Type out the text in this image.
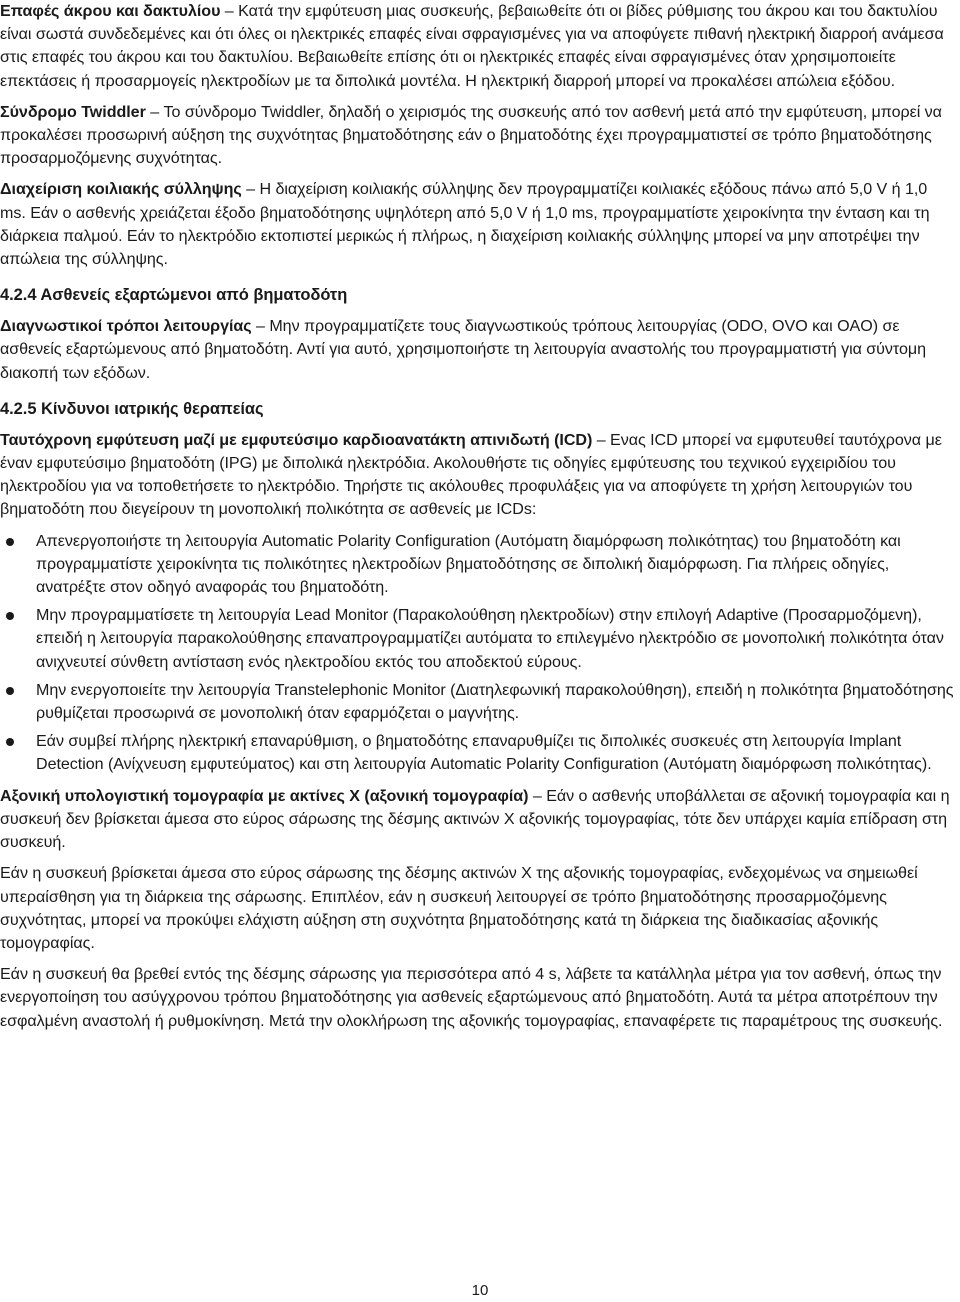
Επαφές άκρου και δακτυλίου – Κατά την εμφύτευση μιας συσκευής, βεβαιωθείτε ότι οι βίδες ρύθμισης του άκρου και του δακτυλίου είναι σωστά συνδεδεμένες και ότι όλες οι ηλεκτρικές επαφές είναι σφραγισμένες για να αποφύγετε πιθανή ηλεκτρική διαρροή ανάμεσα στις επαφές του άκρου και του δακτυλίου. Βεβαιωθείτε επίσης ότι οι ηλεκτρικές επαφές είναι σφραγισμένες όταν χρησιμοποιείτε επεκτάσεις ή προσαρμογείς ηλεκτροδίων με τα διπολικά μοντέλα. Η ηλεκτρική διαρροή μπορεί να προκαλέσει απώλεια εξόδου.

Σύνδρομο Twiddler – Το σύνδρομο Twiddler, δηλαδή ο χειρισμός της συσκευής από τον ασθενή μετά από την εμφύτευση, μπορεί να προκαλέσει προσωρινή αύξηση της συχνότητας βηματοδότησης εάν ο βηματοδότης έχει προγραμματιστεί σε τρόπο βηματοδότησης προσαρμοζόμενης συχνότητας.

Διαχείριση κοιλιακής σύλληψης – Η διαχείριση κοιλιακής σύλληψης δεν προγραμματίζει κοιλιακές εξόδους πάνω από 5,0 V ή 1,0 ms. Εάν ο ασθενής χρειάζεται έξοδο βηματοδότησης υψηλότερη από 5,0 V ή 1,0 ms, προγραμματίστε χειροκίνητα την ένταση και τη διάρκεια παλμού. Εάν το ηλεκτρόδιο εκτοπιστεί μερικώς ή πλήρως, η διαχείριση κοιλιακής σύλληψης μπορεί να μην αποτρέψει την απώλεια της σύλληψης.

4.2.4 Ασθενείς εξαρτώμενοι από βηματοδότη

Διαγνωστικοί τρόποι λειτουργίας – Μην προγραμματίζετε τους διαγνωστικούς τρόπους λειτουργίας (ODO, OVO και OAO) σε ασθενείς εξαρτώμενους από βηματοδότη. Αντί για αυτό, χρησιμοποιήστε τη λειτουργία αναστολής του προγραμματιστή για σύντομη διακοπή των εξόδων.

4.2.5 Κίνδυνοι ιατρικής θεραπείας

Ταυτόχρονη εμφύτευση μαζί με εμφυτεύσιμο καρδιοανατάκτη απινιδωτή (ICD) – Ενας ICD μπορεί να εμφυτευθεί ταυτόχρονα με έναν εμφυτεύσιμο βηματοδότη (IPG) με διπολικά ηλεκτρόδια. Ακολουθήστε τις οδηγίες εμφύτευσης του τεχνικού εγχειριδίου του ηλεκτροδίου για να τοποθετήσετε το ηλεκτρόδιο. Τηρήστε τις ακόλουθες προφυλάξεις για να αποφύγετε τη χρήση λειτουργιών του βηματοδότη που διεγείρουν τη μονοπολική πολικότητα σε ασθενείς με ICDs:

Απενεργοποιήστε τη λειτουργία Automatic Polarity Configuration (Αυτόματη διαμόρφωση πολικότητας) του βηματοδότη και προγραμματίστε χειροκίνητα τις πολικότητες ηλεκτροδίων βηματοδότησης σε διπολική διαμόρφωση. Για πλήρεις οδηγίες, ανατρέξτε στον οδηγό αναφοράς του βηματοδότη.
Μην προγραμματίσετε τη λειτουργία Lead Monitor (Παρακολούθηση ηλεκτροδίων) στην επιλογή Adaptive (Προσαρμοζόμενη), επειδή η λειτουργία παρακολούθησης επαναπρογραμματίζει αυτόματα το επιλεγμένο ηλεκτρόδιο σε μονοπολική πολικότητα όταν ανιχνευτεί σύνθετη αντίσταση ενός ηλεκτροδίου εκτός του αποδεκτού εύρους.
Μην ενεργοποιείτε την λειτουργία Transtelephonic Monitor (Διατηλεφωνική παρακολούθηση), επειδή η πολικότητα βηματοδότησης ρυθμίζεται προσωρινά σε μονοπολική όταν εφαρμόζεται ο μαγνήτης.
Εάν συμβεί πλήρης ηλεκτρική επαναρύθμιση, ο βηματοδότης επαναρυθμίζει τις διπολικές συσκευές στη λειτουργία Implant Detection (Ανίχνευση εμφυτεύματος) και στη λειτουργία Automatic Polarity Configuration (Αυτόματη διαμόρφωση πολικότητας).

Αξονική υπολογιστική τομογραφία με ακτίνες Χ (αξονική τομογραφία) – Εάν ο ασθενής υποβάλλεται σε αξονική τομογραφία και η συσκευή δεν βρίσκεται άμεσα στο εύρος σάρωσης της δέσμης ακτινών Χ αξονικής τομογραφίας, τότε δεν υπάρχει καμία επίδραση στη συσκευή.

Εάν η συσκευή βρίσκεται άμεσα στο εύρος σάρωσης της δέσμης ακτινών Χ της αξονικής τομογραφίας, ενδεχομένως να σημειωθεί υπεραίσθηση για τη διάρκεια της σάρωσης. Επιπλέον, εάν η συσκευή λειτουργεί σε τρόπο βηματοδότησης προσαρμοζόμενης συχνότητας, μπορεί να προκύψει ελάχιστη αύξηση στη συχνότητα βηματοδότησης κατά τη διάρκεια της διαδικασίας αξονικής τομογραφίας.

Εάν η συσκευή θα βρεθεί εντός της δέσμης σάρωσης για περισσότερα από 4 s, λάβετε τα κατάλληλα μέτρα για τον ασθενή, όπως την ενεργοποίηση του ασύγχρονου τρόπου βηματοδότησης για ασθενείς εξαρτώμενους από βηματοδότη. Αυτά τα μέτρα αποτρέπουν την εσφαλμένη αναστολή ή ρυθμοκίνηση. Μετά την ολοκλήρωση της αξονικής τομογραφίας, επαναφέρετε τις παραμέτρους της συσκευής.

10
